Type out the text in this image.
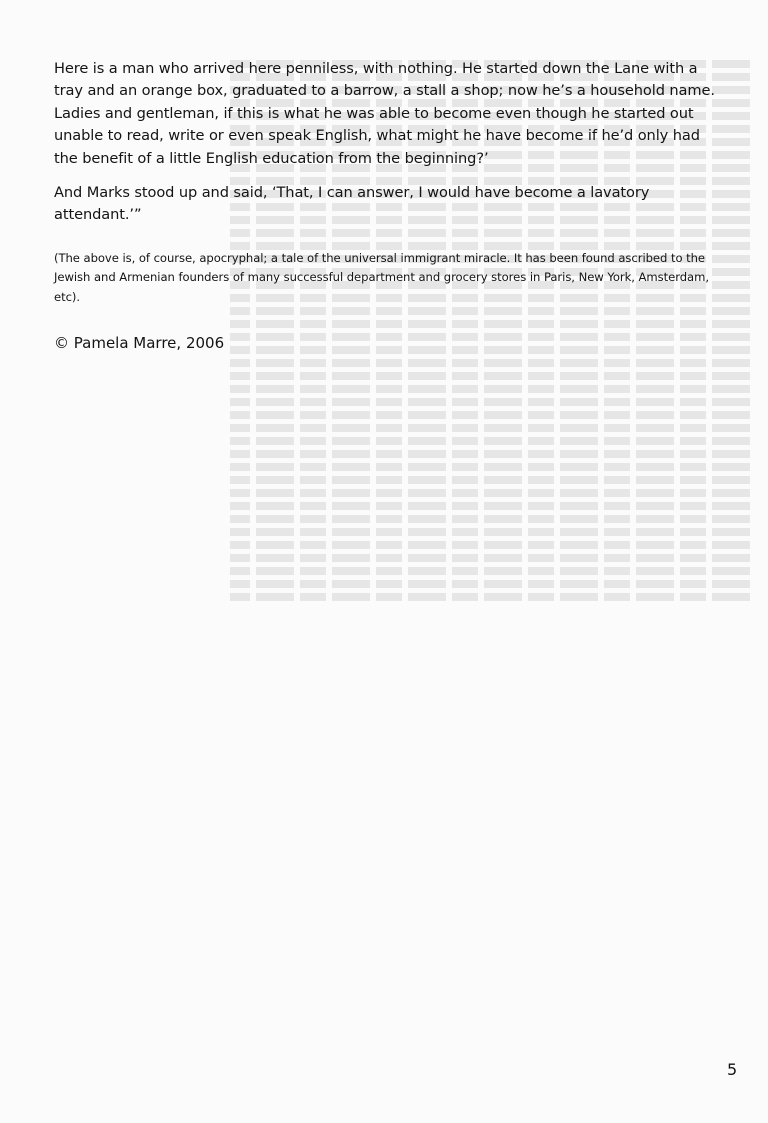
Here is a man who arrived here penniless, with nothing. He started down the Lane with a tray and an orange box, graduated to a barrow, a stall a shop; now he’s a household name. Ladies and gentleman, if this is what he was able to become even though he started out unable to read, write or even speak English, what might he have become if he’d only had the benefit of a little English education from the beginning?’

And Marks stood up and said, ‘That, I can answer, I would have become a lavatory attendant.’”

(The above is, of course, apocryphal; a tale of the universal immigrant miracle. It has been found ascribed to the Jewish and Armenian founders of many successful department and grocery stores in Paris, New York, Amsterdam, etc).

© Pamela Marre, 2006
5
